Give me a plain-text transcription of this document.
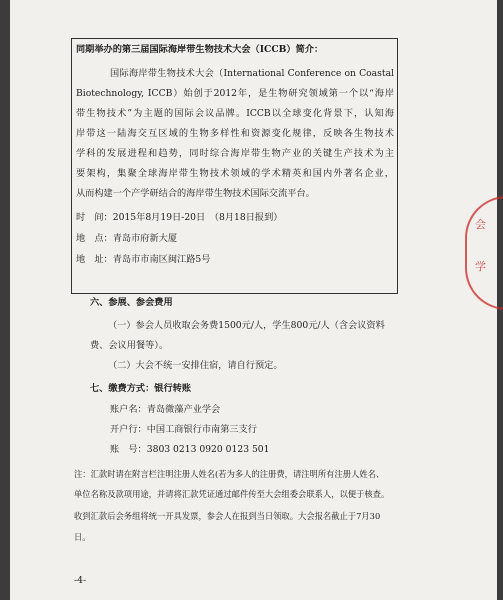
同期举办的第三届国际海岸带生物技术大会（ICCB）简介：
国际海岸带生物技术大会（International Conference on Coastal
Biotechnology, ICCB）始创于2012年，是生物研究领域第一个以“海岸
带生物技术”为主题的国际会议品牌。ICCB以全球变化背景下，认知海
岸带这一陆海交互区域的生物多样性和资源变化规律，反映各生物技术
学科的发展进程和趋势，同时综合海岸带生物产业的关键生产技术为主
要架构，集聚全球海岸带生物技术领域的学术精英和国内外著名企业，
从而构建一个产学研结合的海岸带生物技术国际交流平台。
时　间：2015年8月19日-20日　（8月18日报到）
地　点：青岛市府新大厦
地　址：青岛市市南区闽江路5号
六、参展、参会费用
（一）参会人员收取会务费1500元/人，学生800元/人（含会议资料
费、会议用餐等）。
（二）大会不统一安排住宿，请自行预定。
七、缴费方式：银行转账
账户名：青岛微藻产业学会
开户行：中国工商银行市南第三支行
账　号：3803 0213 0920 0123 501
注：汇款时请在附言栏注明注册人姓名(若为多人的注册费，请注明所有注册人姓名、
单位名称及款项用途，并请将汇款凭证通过邮件传至大会组委会联系人，以便于核查。
收到汇款后会务组将统一开具发票，参会人在报到当日领取。大会报名截止于7月30
日。
-4-
会
学
